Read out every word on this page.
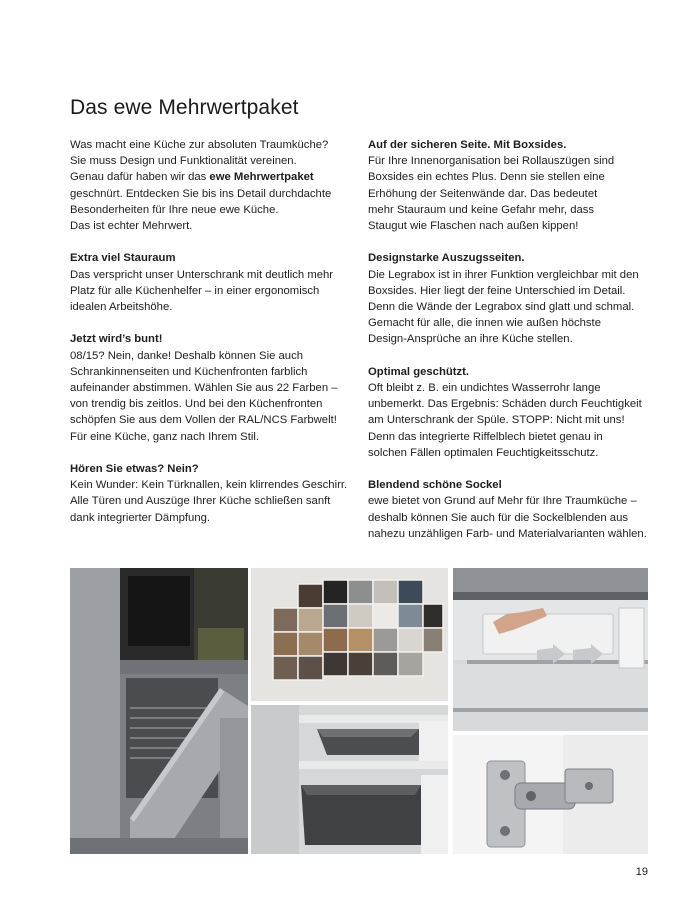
Das ewe Mehrwertpaket

Was macht eine Küche zur absoluten Traumküche?
Sie muss Design und Funktionalität vereinen.
Genau dafür haben wir das ewe Mehrwertpaket
geschnürt. Entdecken Sie bis ins Detail durchdachte
Besonderheiten für Ihre neue ewe Küche.
Das ist echter Mehrwert.

Extra viel Stauraum
Das verspricht unser Unterschrank mit deutlich mehr
Platz für alle Küchenhelfer – in einer ergonomisch
idealen Arbeitshöhe.

Jetzt wird’s bunt!
08/15? Nein, danke! Deshalb können Sie auch
Schrankinnenseiten und Küchenfronten farblich
aufeinander abstimmen. Wählen Sie aus 22 Farben –
von trendig bis zeitlos. Und bei den Küchenfronten
schöpfen Sie aus dem Vollen der RAL/NCS Farbwelt!
Für eine Küche, ganz nach Ihrem Stil.

Hören Sie etwas? Nein?
Kein Wunder: Kein Türknallen, kein klirrendes Geschirr.
Alle Türen und Auszüge Ihrer Küche schließen sanft
dank integrierter Dämpfung.

Auf der sicheren Seite. Mit Boxsides.
Für Ihre Innenorganisation bei Rollauszügen sind
Boxsides ein echtes Plus. Denn sie stellen eine
Erhöhung der Seitenwände dar. Das bedeutet
mehr Stauraum und keine Gefahr mehr, dass
Staugut wie Flaschen nach außen kippen!

Designstarke Auszugsseiten.
Die Legrabox ist in ihrer Funktion vergleichbar mit den
Boxsides. Hier liegt der feine Unterschied im Detail.
Denn die Wände der Legrabox sind glatt und schmal.
Gemacht für alle, die innen wie außen höchste
Design-Ansprüche an ihre Küche stellen.

Optimal geschützt.
Oft bleibt z. B. ein undichtes Wasserrohr lange
unbemerkt. Das Ergebnis: Schäden durch Feuchtigkeit
am Unterschrank der Spüle. STOPP: Nicht mit uns!
Denn das integrierte Riffelblech bietet genau in
solchen Fällen optimalen Feuchtigkeitsschutz.

Blendend schöne Sockel
ewe bietet von Grund auf Mehr für Ihre Traumküche –
deshalb können Sie auch für die Sockelblenden aus
nahezu unzähligen Farb- und Materialvarianten wählen.

19
